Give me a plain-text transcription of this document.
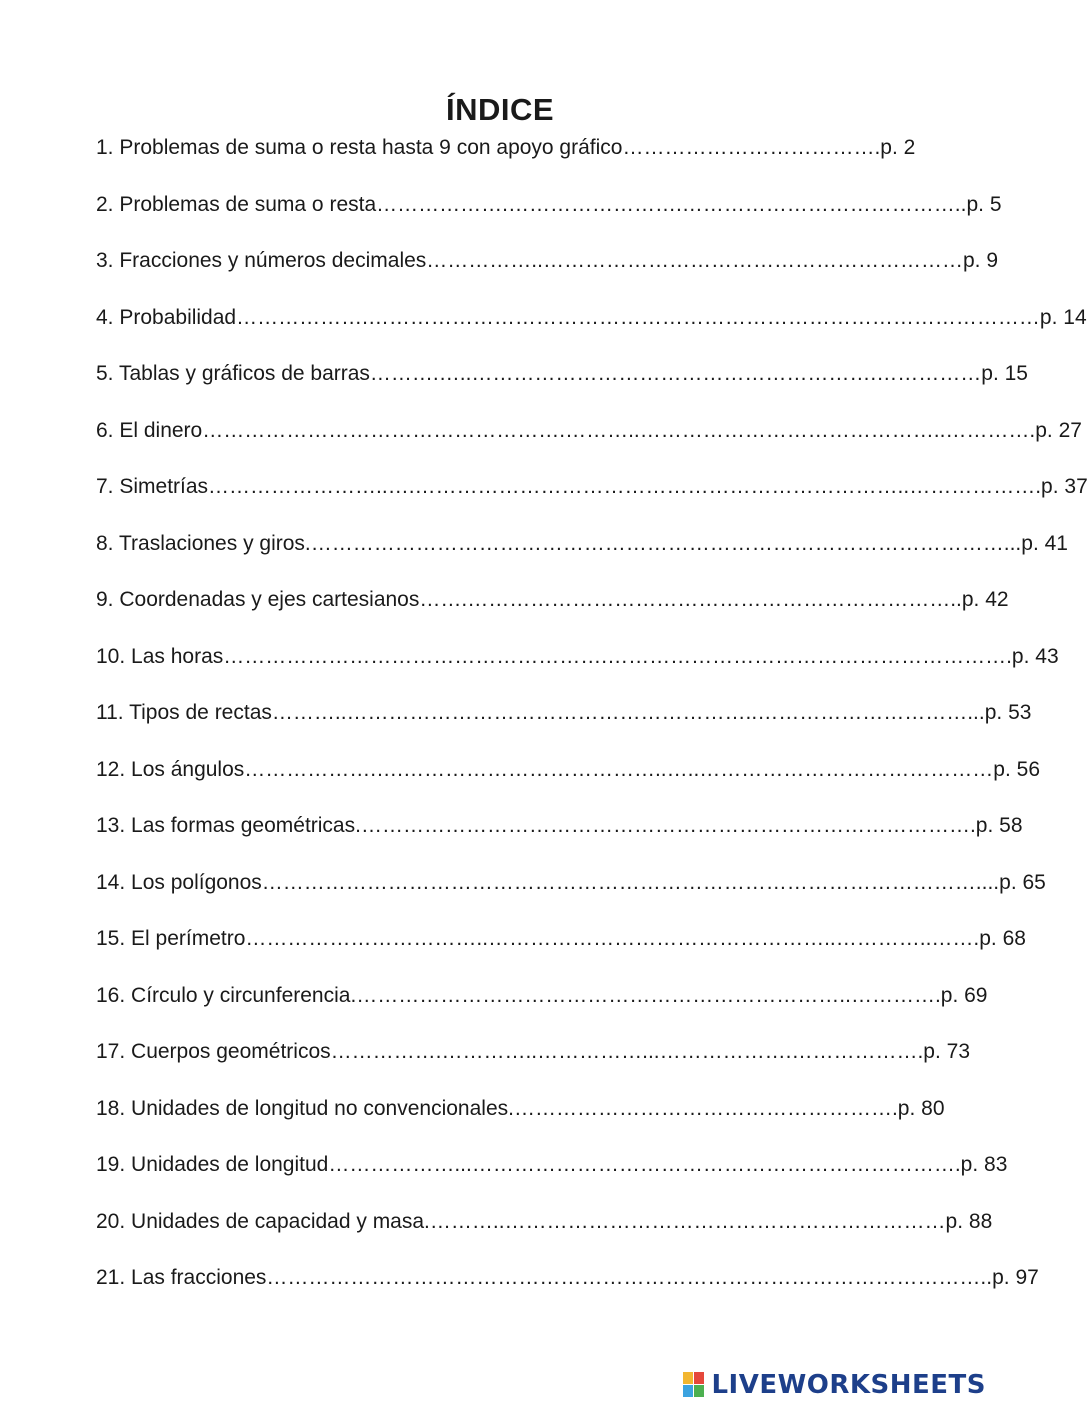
ÍNDICE
1. Problemas de suma o resta hasta 9 con apoyo gráfico……………………………….p. 2
2. Problemas de suma o resta……………….…………………….…………………………………..p. 5
3. Fracciones y números decimales……………..……………………………………………………p. 9
4. Probabilidad……………….……………………………………………………………………………………p. 14
5. Tablas y gráficos de barras……….…..………………………………………………….……………p. 15
6. El dinero…………………………………………….………..……………………………………..………….p. 27
7. Simetrías……………………..….……………………………………………………………..……………….p. 37
8. Traslaciones y giros.………………………………………………………………………………………...p. 41
9. Coordenadas y ejes cartesianos…….……………………………………………………………..p. 42
10. Las horas……………………………………………….………………………………………………….p. 43
11. Tipos de rectas………..…………………………………………………..…………………………...p. 53
12. Los ángulos……………….….………………………………..…..……………………………………p. 56
13. Las formas geométricas.…………………………………………………………………………….p. 58
14. Los polígonos…………………………………………………………………………………………....p. 65
15. El perímetro……………………………..…………………………………………..…………..…….p. 68
16. Círculo y circunferencia.……………………………………………………………..………….p. 69
17. Cuerpos geométricos…………….…………..……………...……………….……………….p. 73
18. Unidades de longitud no convencionales.……………………………………………….p. 80
19. Unidades de longitud………………...…………………………………………………………….p. 83
20. Unidades de capacidad y masa.………..………………………………………………………p. 88
21. Las fracciones…………………………………………………………………………………………..p. 97
LIVEWORKSHEETS
